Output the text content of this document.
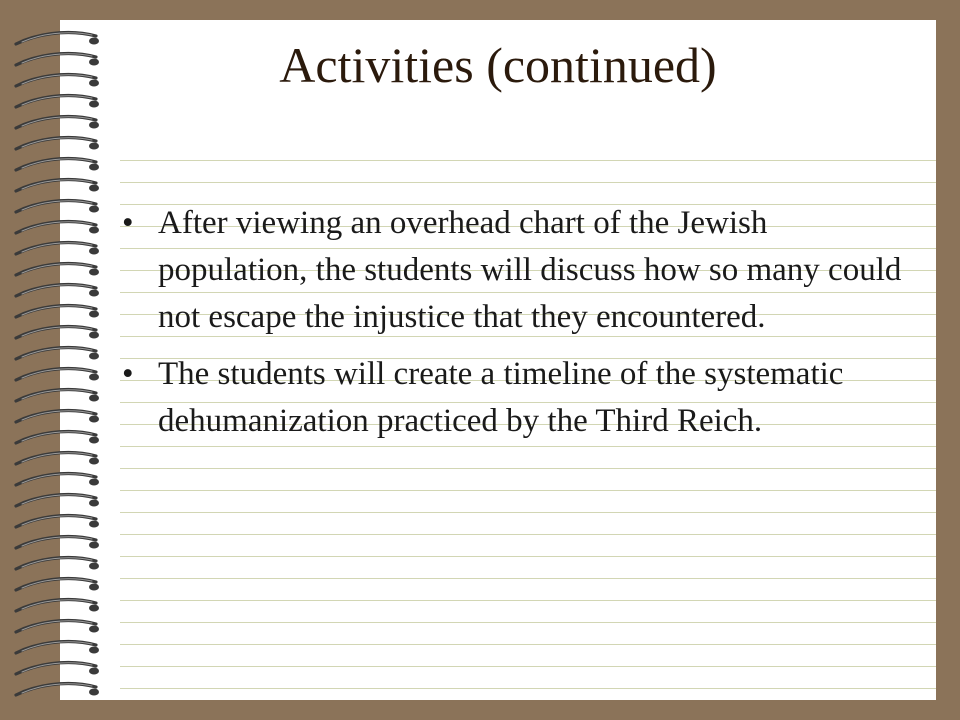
Activities (continued)
• After viewing an overhead chart of the Jewish population, the students will discuss how so many could not escape the injustice that they encountered.
• The students will create a timeline of the systematic dehumanization practiced by the Third Reich.
